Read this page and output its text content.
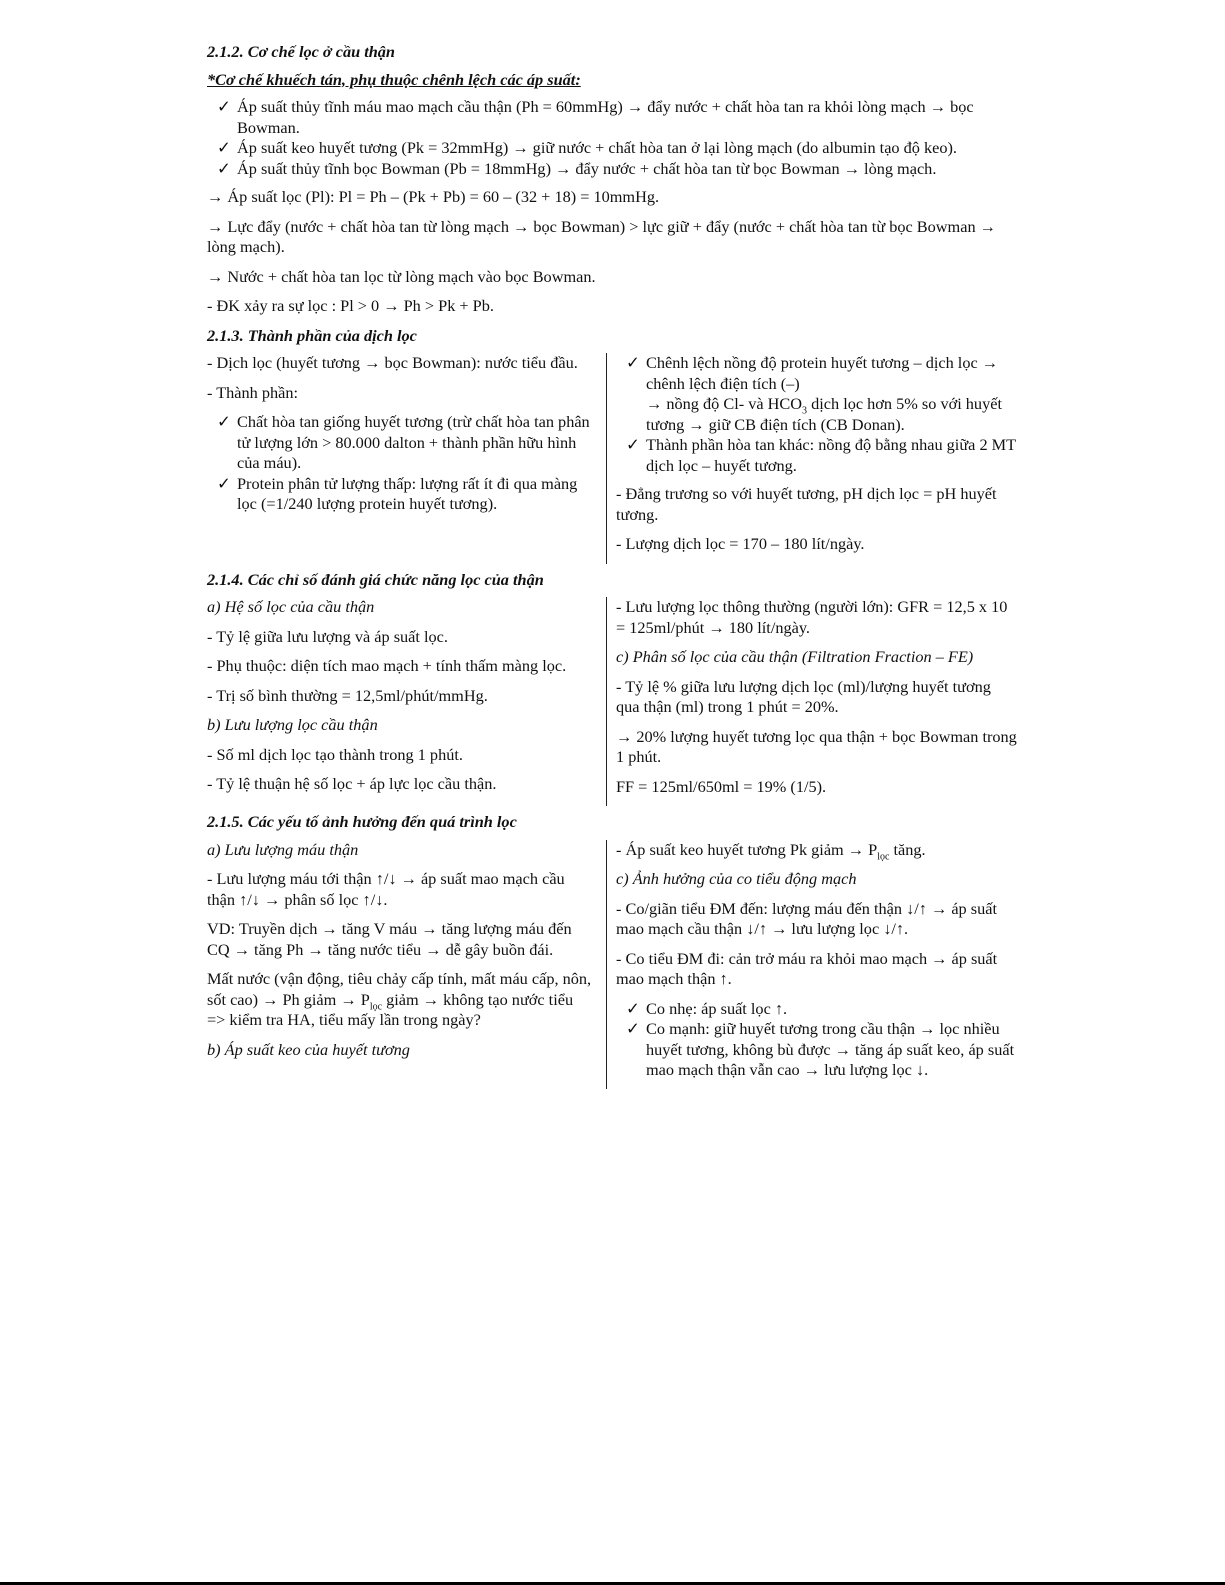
2.1.2. Cơ chế lọc ở cầu thận
*Cơ chế khuếch tán, phụ thuộc chênh lệch các áp suất:
✓ Áp suất thủy tĩnh máu mao mạch cầu thận (Ph = 60mmHg) → đẩy nước + chất hòa tan ra khỏi lòng mạch → bọc Bowman.
✓ Áp suất keo huyết tương (Pk = 32mmHg) → giữ nước + chất hòa tan ở lại lòng mạch (do albumin tạo độ keo).
✓ Áp suất thủy tĩnh bọc Bowman (Pb = 18mmHg) → đẩy nước + chất hòa tan từ bọc Bowman → lòng mạch.
→ Áp suất lọc (Pl): Pl = Ph – (Pk + Pb) = 60 – (32 + 18) = 10mmHg.
→ Lực đẩy (nước + chất hòa tan từ lòng mạch → bọc Bowman) > lực giữ + đẩy (nước + chất hòa tan từ bọc Bowman → lòng mạch).
→ Nước + chất hòa tan lọc từ lòng mạch vào bọc Bowman.
- ĐK xảy ra sự lọc : Pl > 0 → Ph > Pk + Pb.
2.1.3. Thành phần của dịch lọc
- Dịch lọc (huyết tương → bọc Bowman): nước tiểu đầu.
- Thành phần:
✓ Chất hòa tan giống huyết tương (trừ chất hòa tan phân tử lượng lớn > 80.000 dalton + thành phần hữu hình của máu).
✓ Protein phân tử lượng thấp: lượng rất ít đi qua màng lọc (=1/240 lượng protein huyết tương).
✓ Chênh lệch nồng độ protein huyết tương – dịch lọc → chênh lệch điện tích (–)
→ nồng độ Cl- và $HCO_3$ dịch lọc hơn 5% so với huyết tương → giữ CB điện tích (CB Donan).
✓ Thành phần hòa tan khác: nồng độ bằng nhau giữa 2 MT dịch lọc – huyết tương.
- Đẳng trương so với huyết tương, pH dịch lọc = pH huyết tương.
- Lượng dịch lọc = 170 – 180 lít/ngày.
2.1.4. Các chỉ số đánh giá chức năng lọc của thận
a) Hệ số lọc của cầu thận
- Tỷ lệ giữa lưu lượng và áp suất lọc.
- Phụ thuộc: diện tích mao mạch + tính thấm màng lọc.
- Trị số bình thường = 12,5ml/phút/mmHg.
b) Lưu lượng lọc cầu thận
- Số ml dịch lọc tạo thành trong 1 phút.
- Tỷ lệ thuận hệ số lọc + áp lực lọc cầu thận.
- Lưu lượng lọc thông thường (người lớn): GFR = 12,5 x 10 = 125ml/phút → 180 lít/ngày.
c) Phân số lọc của cầu thận (Filtration Fraction – FE)
- Tỷ lệ % giữa lưu lượng dịch lọc (ml)/lượng huyết tương qua thận (ml) trong 1 phút = 20%.
→ 20% lượng huyết tương lọc qua thận + bọc Bowman trong 1 phút.
FF = 125ml/650ml = 19% (1/5).
2.1.5. Các yếu tố ảnh hưởng đến quá trình lọc
a) Lưu lượng máu thận
- Lưu lượng máu tới thận ↑/↓ → áp suất mao mạch cầu thận ↑/↓ → phân số lọc ↑/↓.
VD: Truyền dịch → tăng V máu → tăng lượng máu đến CQ → tăng Ph → tăng nước tiểu → dễ gây buồn đái.
Mất nước (vận động, tiêu chảy cấp tính, mất máu cấp, nôn, sốt cao) → Ph giảm → $P_{lọc}$ giảm → không tạo nước tiểu => kiểm tra HA, tiểu mấy lần trong ngày?
b) Áp suất keo của huyết tương
- Áp suất keo huyết tương Pk giảm → $P_{lọc}$ tăng.
c) Ảnh hưởng của co tiểu động mạch
- Co/giãn tiểu ĐM đến: lượng máu đến thận ↓/↑ → áp suất mao mạch cầu thận ↓/↑ → lưu lượng lọc ↓/↑.
- Co tiểu ĐM đi: cản trở máu ra khỏi mao mạch → áp suất mao mạch thận ↑.
✓ Co nhẹ: áp suất lọc ↑.
✓ Co mạnh: giữ huyết tương trong cầu thận → lọc nhiều huyết tương, không bù được → tăng áp suất keo, áp suất mao mạch thận vẫn cao → lưu lượng lọc ↓.
